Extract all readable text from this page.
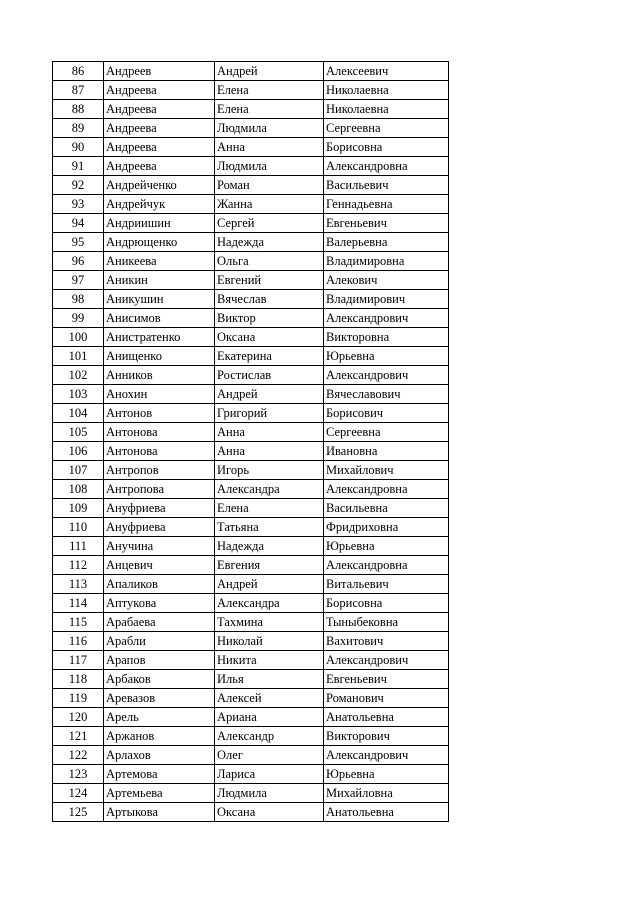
86	Андреев	Андрей	Алексеевич
87	Андреева	Елена	Николаевна
88	Андреева	Елена	Николаевна
89	Андреева	Людмила	Сергеевна
90	Андреева	Анна	Борисовна
91	Андреева	Людмила	Александровна
92	Андрейченко	Роман	Васильевич
93	Андрейчук	Жанна	Геннадьевна
94	Андриишин	Сергей	Евгеньевич
95	Андрющенко	Надежда	Валерьевна
96	Аникеева	Ольга	Владимировна
97	Аникин	Евгений	Алекович
98	Аникушин	Вячеслав	Владимирович
99	Анисимов	Виктор	Александрович
100	Анистратенко	Оксана	Викторовна
101	Анищенко	Екатерина	Юрьевна
102	Анников	Ростислав	Александрович
103	Анохин	Андрей	Вячеславович
104	Антонов	Григорий	Борисович
105	Антонова	Анна	Сергеевна
106	Антонова	Анна	Ивановна
107	Антропов	Игорь	Михайлович
108	Антропова	Александра	Александровна
109	Ануфриева	Елена	Васильевна
110	Ануфриева	Татьяна	Фридриховна
111	Анучина	Надежда	Юрьевна
112	Анцевич	Евгения	Александровна
113	Апаликов	Андрей	Витальевич
114	Аптукова	Александра	Борисовна
115	Арабаева	Тахмина	Тыныбековна
116	Арабли	Николай	Вахитович
117	Арапов	Никита	Александрович
118	Арбаков	Илья	Евгеньевич
119	Аревазов	Алексей	Романович
120	Арель	Ариана	Анатольевна
121	Аржанов	Александр	Викторович
122	Арлахов	Олег	Александрович
123	Артемова	Лариса	Юрьевна
124	Артемьева	Людмила	Михайловна
125	Артыкова	Оксана	Анатольевна
